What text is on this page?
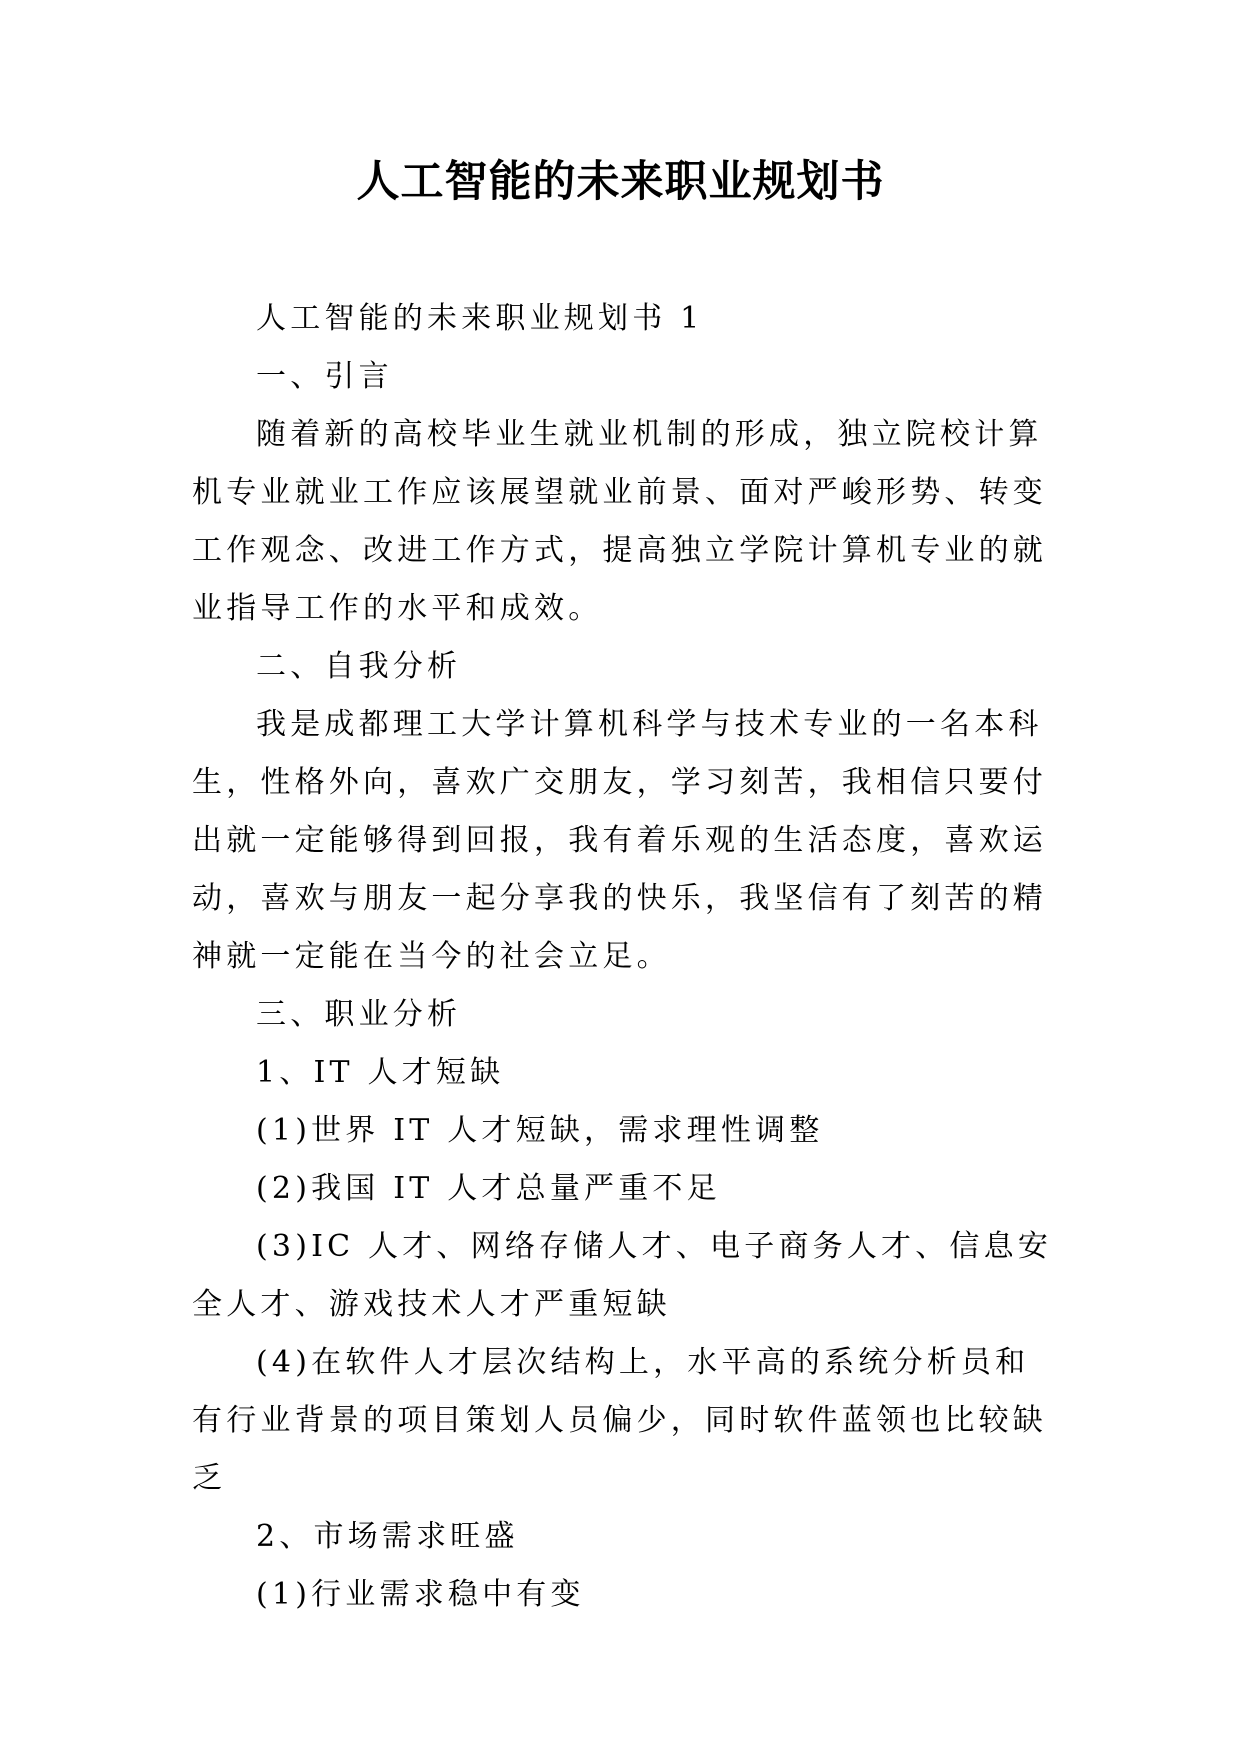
人工智能的未来职业规划书

人工智能的未来职业规划书 1

一、引言

随着新的高校毕业生就业机制的形成，独立院校计算机专业就业工作应该展望就业前景、面对严峻形势、转变工作观念、改进工作方式，提高独立学院计算机专业的就业指导工作的水平和成效。

二、自我分析

我是成都理工大学计算机科学与技术专业的一名本科生，性格外向，喜欢广交朋友，学习刻苦，我相信只要付出就一定能够得到回报，我有着乐观的生活态度，喜欢运动，喜欢与朋友一起分享我的快乐，我坚信有了刻苦的精神就一定能在当今的社会立足。

三、职业分析

1、IT 人才短缺

(1)世界 IT 人才短缺，需求理性调整

(2)我国 IT 人才总量严重不足

(3)IC 人才、网络存储人才、电子商务人才、信息安全人才、游戏技术人才严重短缺

(4)在软件人才层次结构上，水平高的系统分析员和有行业背景的项目策划人员偏少，同时软件蓝领也比较缺乏

2、市场需求旺盛

(1)行业需求稳中有变
